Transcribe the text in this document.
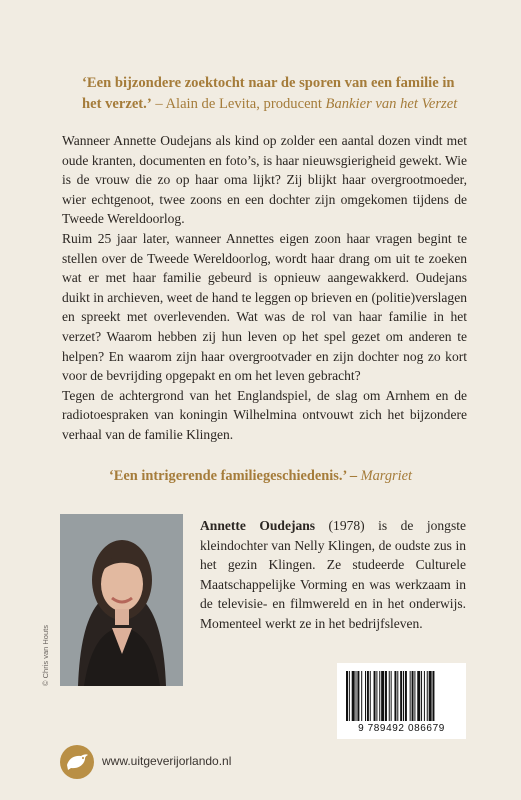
‘Een bijzondere zoektocht naar de sporen van een familie in het verzet.’ – Alain de Levita, producent Bankier van het Verzet

Wanneer Annette Oudejans als kind op zolder een aantal dozen vindt met oude kranten, documenten en foto’s, is haar nieuwsgierigheid gewekt. Wie is de vrouw die zo op haar oma lijkt? Zij blijkt haar overgrootmoeder, wier echtgenoot, twee zoons en een dochter zijn omgekomen tijdens de Tweede Wereldoorlog.

Ruim 25 jaar later, wanneer Annettes eigen zoon haar vragen begint te stellen over de Tweede Wereldoorlog, wordt haar drang om uit te zoeken wat er met haar familie gebeurd is opnieuw aangewakkerd. Oudejans duikt in archieven, weet de hand te leggen op brieven en (politie)verslagen en spreekt met overlevenden. Wat was de rol van haar familie in het verzet? Waarom hebben zij hun leven op het spel gezet om anderen te helpen? En waarom zijn haar overgrootvader en zijn dochter nog zo kort voor de bevrijding opgepakt en om het leven gebracht?

Tegen de achtergrond van het Englandspiel, de slag om Arnhem en de radiotoespraken van koningin Wilhelmina ontvouwt zich het bijzondere verhaal van de familie Klingen.

‘Een intrigerende familiegeschiedenis.’ – Margriet
© Chris van Houts
Annette Oudejans (1978) is de jongste kleindochter van Nelly Klingen, de oudste zus in het gezin Klingen. Ze studeerde Culturele Maatschappelijke Vorming en was werkzaam in de televisie- en filmwereld en in het onderwijs. Momenteel werkt ze in het bedrijfsleven.
9 789492 086679
www.uitgeverijorlando.nl
